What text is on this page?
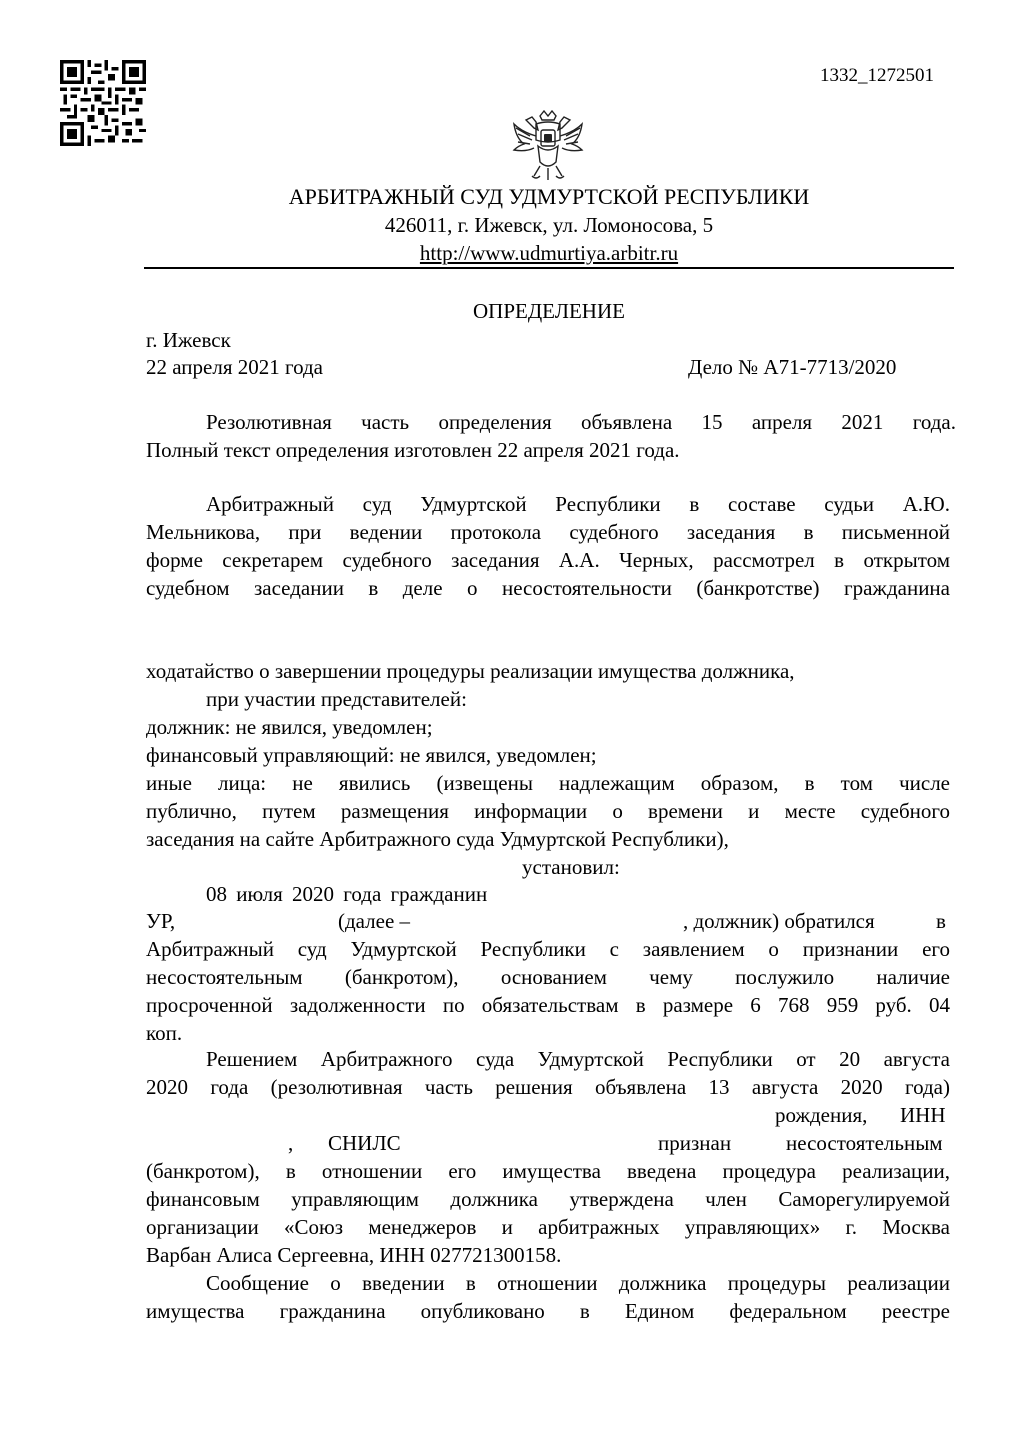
1332_1272501
АРБИТРАЖНЫЙ СУД УДМУРТСКОЙ РЕСПУБЛИКИ
426011, г. Ижевск, ул. Ломоносова, 5
http://www.udmurtiya.arbitr.ru
ОПРЕДЕЛЕНИЕ
г. Ижевск
22 апреля 2021 года	Дело № А71-7713/2020
Резолютивная часть определения объявлена 15 апреля 2021 года.
Полный текст определения изготовлен 22 апреля 2021 года.
Арбитражный суд Удмуртской Республики в составе судьи А.Ю.
Мельникова, при ведении протокола судебного заседания в письменной
форме секретарем судебного заседания А.А. Черных, рассмотрел в открытом
судебном заседании в деле о несостоятельности (банкротстве) гражданина
ходатайство о завершении процедуры реализации имущества должника,
при участии представителей:
должник: не явился, уведомлен;
финансовый управляющий: не явился, уведомлен;
иные лица: не явились (извещены надлежащим образом, в том числе
публично, путем размещения информации о времени и месте судебного
заседания на сайте Арбитражного суда Удмуртской Республики),
установил:
08 июля 2020 года гражданин
УР,	(далее –	, должник) обратился	в
Арбитражный суд Удмуртской Республики с заявлением о признании его
несостоятельным (банкротом), основанием чему послужило наличие
просроченной задолженности по обязательствам в размере 6 768 959 руб. 04
коп.
Решением Арбитражного суда Удмуртской Республики от 20 августа
2020 года (резолютивная часть решения объявлена 13 августа 2020 года)
рождения, ИНН
, СНИЛС	признан	несостоятельным
(банкротом), в отношении его имущества введена процедура реализации,
финансовым управляющим должника утверждена член Саморегулируемой
организации «Союз менеджеров и арбитражных управляющих» г. Москва
Варбан Алиса Сергеевна, ИНН 027721300158.
Сообщение о введении в отношении должника процедуры реализации
имущества гражданина опубликовано в Едином федеральном реестре
